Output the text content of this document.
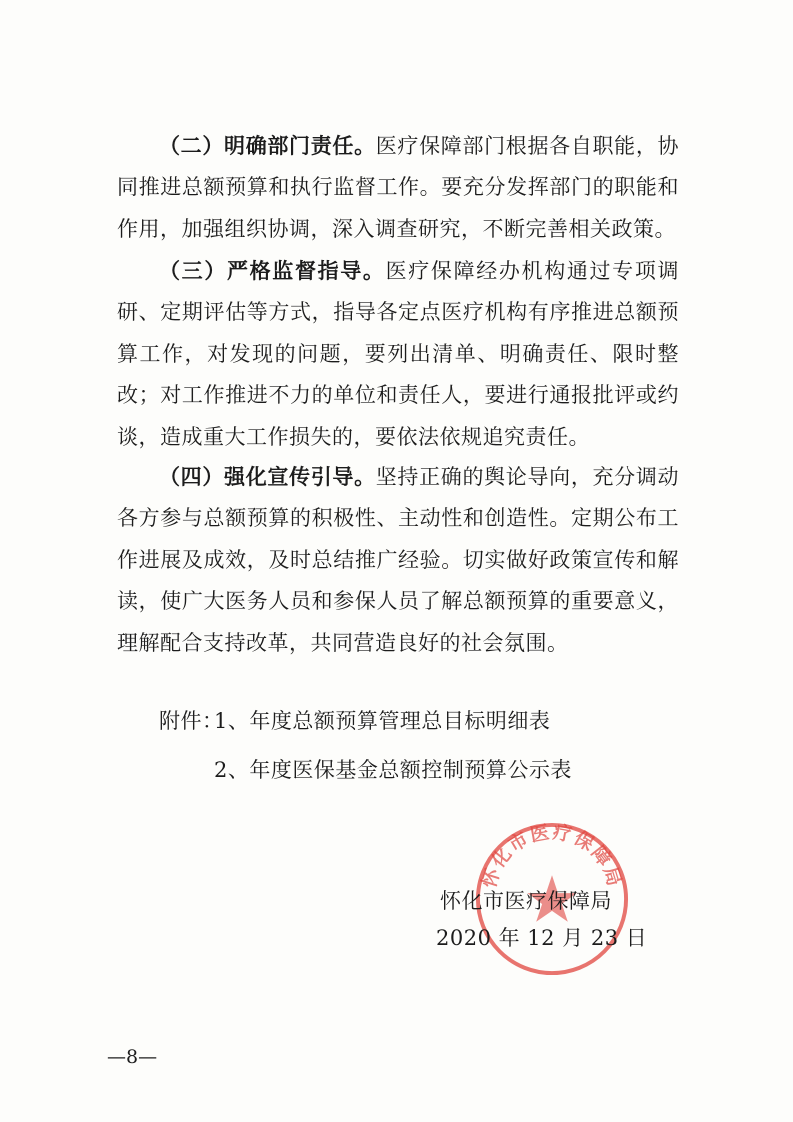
（二）明确部门责任。医疗保障部门根据各自职能，协同推进总额预算和执行监督工作。要充分发挥部门的职能和作用，加强组织协调，深入调查研究，不断完善相关政策。

（三）严格监督指导。医疗保障经办机构通过专项调研、定期评估等方式，指导各定点医疗机构有序推进总额预算工作，对发现的问题，要列出清单、明确责任、限时整改；对工作推进不力的单位和责任人，要进行通报批评或约谈，造成重大工作损失的，要依法依规追究责任。

（四）强化宣传引导。坚持正确的舆论导向，充分调动各方参与总额预算的积极性、主动性和创造性。定期公布工作进展及成效，及时总结推广经验。切实做好政策宣传和解读，使广大医务人员和参保人员了解总额预算的重要意义，理解配合支持改革，共同营造良好的社会氛围。

附件：
1、年度总额预算管理总目标明细表
2、年度医保基金总额控制预算公示表
怀化市医疗保障局
怀化市医疗保障局
2020 年 12 月 23 日
—8—
